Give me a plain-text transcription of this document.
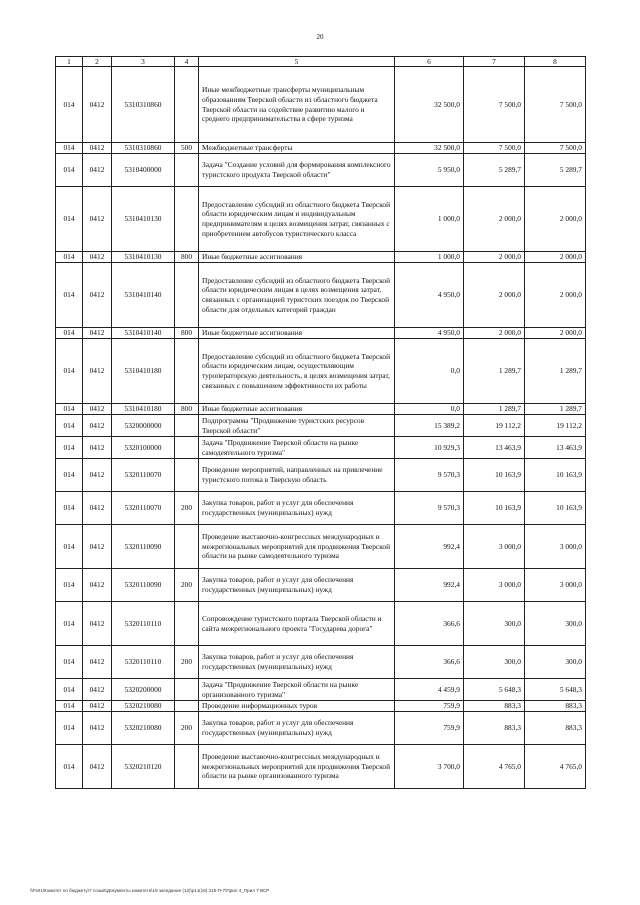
20
1	2	3	4	5	6	7	8
014	0412	5310310860		Иные межбюджетные трансферты муниципальным образованиям Тверской области из областного бюджета Тверской области на содействие развитию малого и среднего предпринимательства в сфере туризма	32 500,0	7 500,0	7 500,0
014	0412	5310310860	500	Межбюджетные трансферты	32 500,0	7 500,0	7 500,0
014	0412	5310400000		Задача "Создание условий для формирования комплексного туристского продукта Тверской области"	5 950,0	5 289,7	5 289,7
014	0412	5310410130		Предоставление субсидий из областного бюджета Тверской области юридическим лицам и индивидуальным предпринимателям в целях возмещения затрат, связанных с приобретением автобусов туристического класса	1 000,0	2 000,0	2 000,0
014	0412	5310410130	800	Иные бюджетные ассигнования	1 000,0	2 000,0	2 000,0
014	0412	5310410140		Предоставление субсидий из областного бюджета Тверской области юридическим лицам в целях возмещения затрат, связанных с организацией туристских поездок по Тверской области для отдельных категорий граждан	4 950,0	2 000,0	2 000,0
014	0412	5310410140	800	Иные бюджетные ассигнования	4 950,0	2 000,0	2 000,0
014	0412	5310410180		Предоставление субсидий из областного бюджета Тверской области юридическим лицам, осуществляющим туроператорскую деятельность, в целях возмещения затрат, связанных с повышением эффективности их работы	0,0	1 289,7	1 289,7
014	0412	5310410180	800	Иные бюджетные ассигнования	0,0	1 289,7	1 289,7
014	0412	5320000000		Подпрограмма "Продвижение туристских ресурсов Тверской области"	15 389,2	19 112,2	19 112,2
014	0412	5320100000		Задача "Продвижение Тверской области на рынке самодеятельного туризма"	10 929,3	13 463,9	13 463,9
014	0412	5320110070		Проведение мероприятий, направленных на привлечение туристского потока в Тверскую область	9 570,3	10 163,9	10 163,9
014	0412	5320110070	200	Закупка товаров, работ и услуг для обеспечения государственных (муниципальных) нужд	9 570,3	10 163,9	10 163,9
014	0412	5320110090		Проведение выставочно-конгрессных международных и межрегиональных мероприятий для продвижения Тверской области на рынке самодеятельного туризма	992,4	3 000,0	3 000,0
014	0412	5320110090	200	Закупка товаров, работ и услуг для обеспечения государственных (муниципальных) нужд	992,4	3 000,0	3 000,0
014	0412	5320110110		Сопровождение туристского портала Тверской области и сайта межрегионального проекта "Государева дорога"	366,6	300,0	300,0
014	0412	5320110110	200	Закупка товаров, работ и услуг для обеспечения государственных (муниципальных) нужд	366,6	300,0	300,0
014	0412	5320200000		Задача "Продвижение Тверской области на рынке организованного туризма"	4 459,9	5 648,3	5 648,3
014	0412	5320210080		Проведение информационных туров	759,9	883,3	883,3
014	0412	5320210080	200	Закупка товаров, работ и услуг для обеспечения государственных (муниципальных) нужд	759,9	883,3	883,3
014	0412	5320210120		Проведение выставочно-конгрессных международных и межрегиональных мероприятий для продвижения Тверской области на рынке организованного туризма	3 700,0	4 765,0	4 765,0
\\Fs01\Комитет по бюджету\7 созыв\Документы комитета\19 заседание (12)\р1з(19) 315-П-7\Прил 4_Прил 7 ВСР
